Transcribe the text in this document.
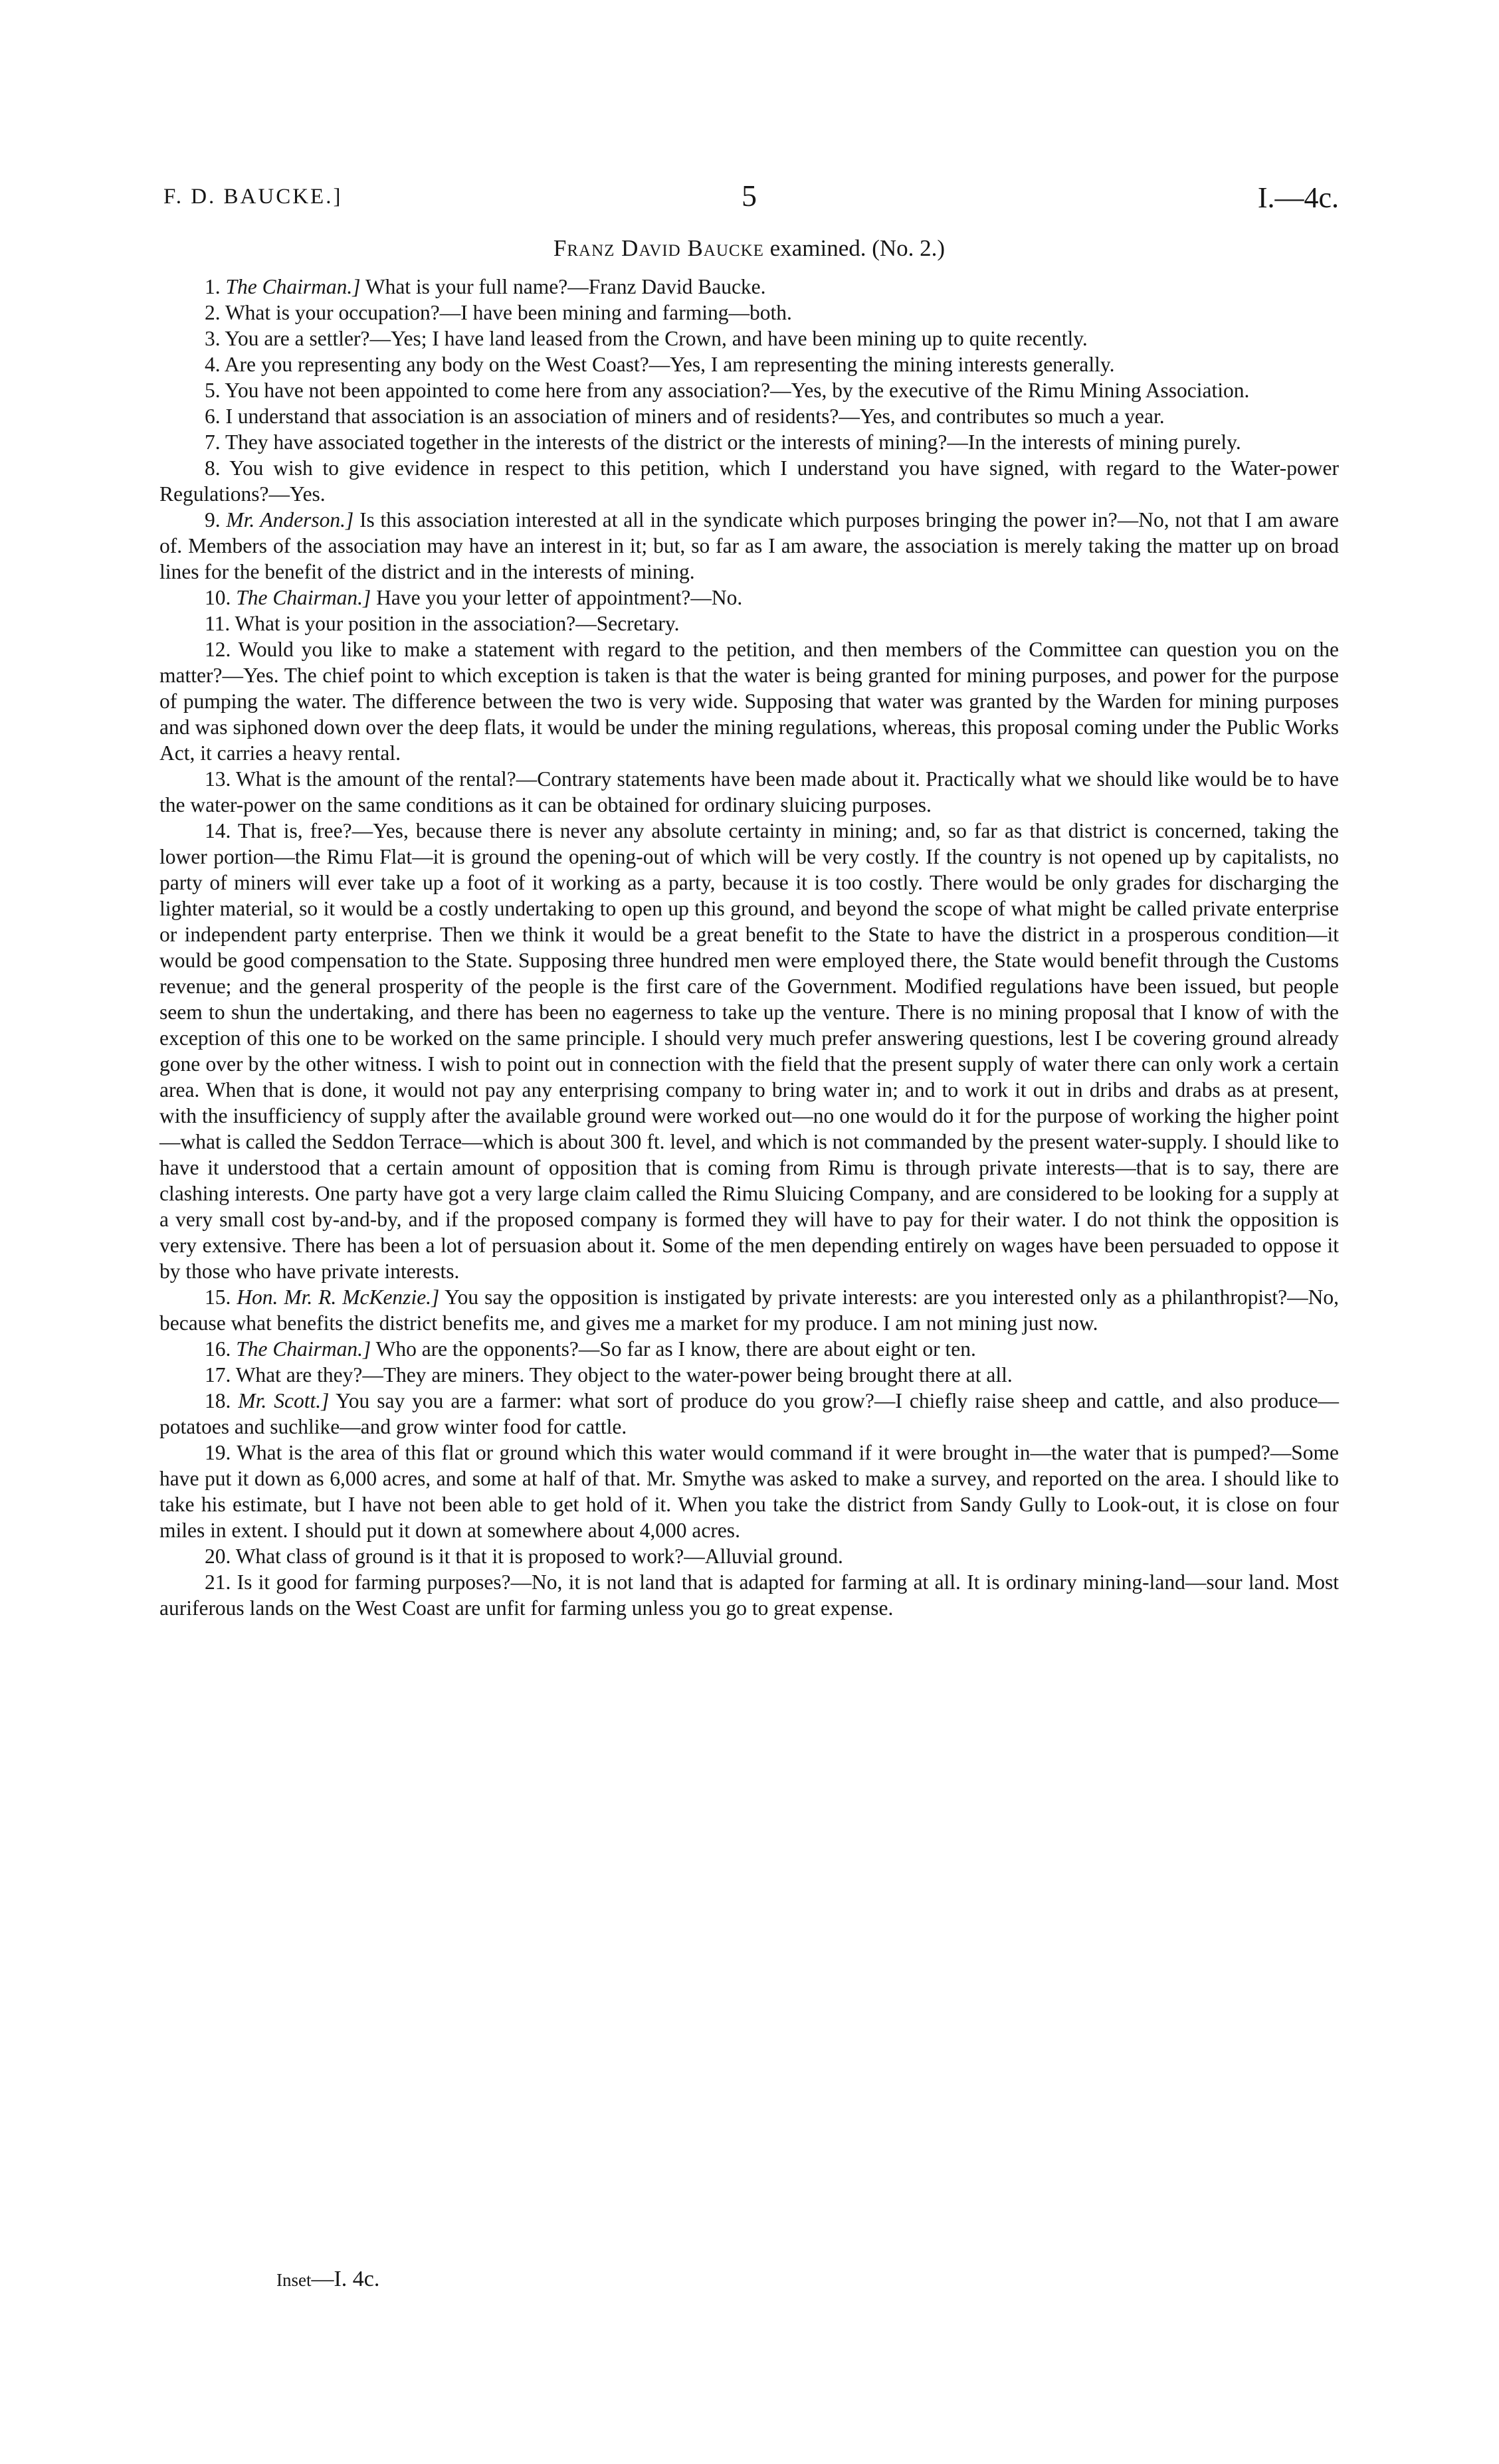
F. D. BAUCKE.]	5	I.—4c.
Franz David Baucke examined. (No. 2.)

1. The Chairman.] What is your full name?—Franz David Baucke.

2. What is your occupation?—I have been mining and farming—both.

3. You are a settler?—Yes; I have land leased from the Crown, and have been mining up to quite recently.

4. Are you representing any body on the West Coast?—Yes, I am representing the mining interests generally.

5. You have not been appointed to come here from any association?—Yes, by the executive of the Rimu Mining Association.

6. I understand that association is an association of miners and of residents?—Yes, and contributes so much a year.

7. They have associated together in the interests of the district or the interests of mining?—In the interests of mining purely.

8. You wish to give evidence in respect to this petition, which I understand you have signed, with regard to the Water-power Regulations?—Yes.

9. Mr. Anderson.] Is this association interested at all in the syndicate which purposes bringing the power in?—No, not that I am aware of. Members of the association may have an interest in it; but, so far as I am aware, the association is merely taking the matter up on broad lines for the benefit of the district and in the interests of mining.

10. The Chairman.] Have you your letter of appointment?—No.

11. What is your position in the association?—Secretary.

12. Would you like to make a statement with regard to the petition, and then members of the Committee can question you on the matter?—Yes. The chief point to which exception is taken is that the water is being granted for mining purposes, and power for the purpose of pumping the water. The difference between the two is very wide. Supposing that water was granted by the Warden for mining purposes and was siphoned down over the deep flats, it would be under the mining regulations, whereas, this proposal coming under the Public Works Act, it carries a heavy rental.

13. What is the amount of the rental?—Contrary statements have been made about it. Practically what we should like would be to have the water-power on the same conditions as it can be obtained for ordinary sluicing purposes.

14. That is, free?—Yes, because there is never any absolute certainty in mining; and, so far as that district is concerned, taking the lower portion—the Rimu Flat—it is ground the opening-out of which will be very costly. If the country is not opened up by capitalists, no party of miners will ever take up a foot of it working as a party, because it is too costly. There would be only grades for discharging the lighter material, so it would be a costly undertaking to open up this ground, and beyond the scope of what might be called private enterprise or independent party enterprise. Then we think it would be a great benefit to the State to have the district in a prosperous condition—it would be good compensation to the State. Supposing three hundred men were employed there, the State would benefit through the Customs revenue; and the general prosperity of the people is the first care of the Government. Modified regulations have been issued, but people seem to shun the undertaking, and there has been no eagerness to take up the venture. There is no mining proposal that I know of with the exception of this one to be worked on the same principle. I should very much prefer answering questions, lest I be covering ground already gone over by the other witness. I wish to point out in connection with the field that the present supply of water there can only work a certain area. When that is done, it would not pay any enterprising company to bring water in; and to work it out in dribs and drabs as at present, with the insufficiency of supply after the available ground were worked out—no one would do it for the purpose of working the higher point—what is called the Seddon Terrace—which is about 300 ft. level, and which is not commanded by the present water-supply. I should like to have it understood that a certain amount of opposition that is coming from Rimu is through private interests—that is to say, there are clashing interests. One party have got a very large claim called the Rimu Sluicing Company, and are considered to be looking for a supply at a very small cost by-and-by, and if the proposed company is formed they will have to pay for their water. I do not think the opposition is very extensive. There has been a lot of persuasion about it. Some of the men depending entirely on wages have been persuaded to oppose it by those who have private interests.

15. Hon. Mr. R. McKenzie.] You say the opposition is instigated by private interests: are you interested only as a philanthropist?—No, because what benefits the district benefits me, and gives me a market for my produce. I am not mining just now.

16. The Chairman.] Who are the opponents?—So far as I know, there are about eight or ten.

17. What are they?—They are miners. They object to the water-power being brought there at all.

18. Mr. Scott.] You say you are a farmer: what sort of produce do you grow?—I chiefly raise sheep and cattle, and also produce—potatoes and suchlike—and grow winter food for cattle.

19. What is the area of this flat or ground which this water would command if it were brought in—the water that is pumped?—Some have put it down as 6,000 acres, and some at half of that. Mr. Smythe was asked to make a survey, and reported on the area. I should like to take his estimate, but I have not been able to get hold of it. When you take the district from Sandy Gully to Look-out, it is close on four miles in extent. I should put it down at somewhere about 4,000 acres.

20. What class of ground is it that it is proposed to work?—Alluvial ground.

21. Is it good for farming purposes?—No, it is not land that is adapted for farming at all. It is ordinary mining-land—sour land. Most auriferous lands on the West Coast are unfit for farming unless you go to great expense.

Inset—I. 4c.
